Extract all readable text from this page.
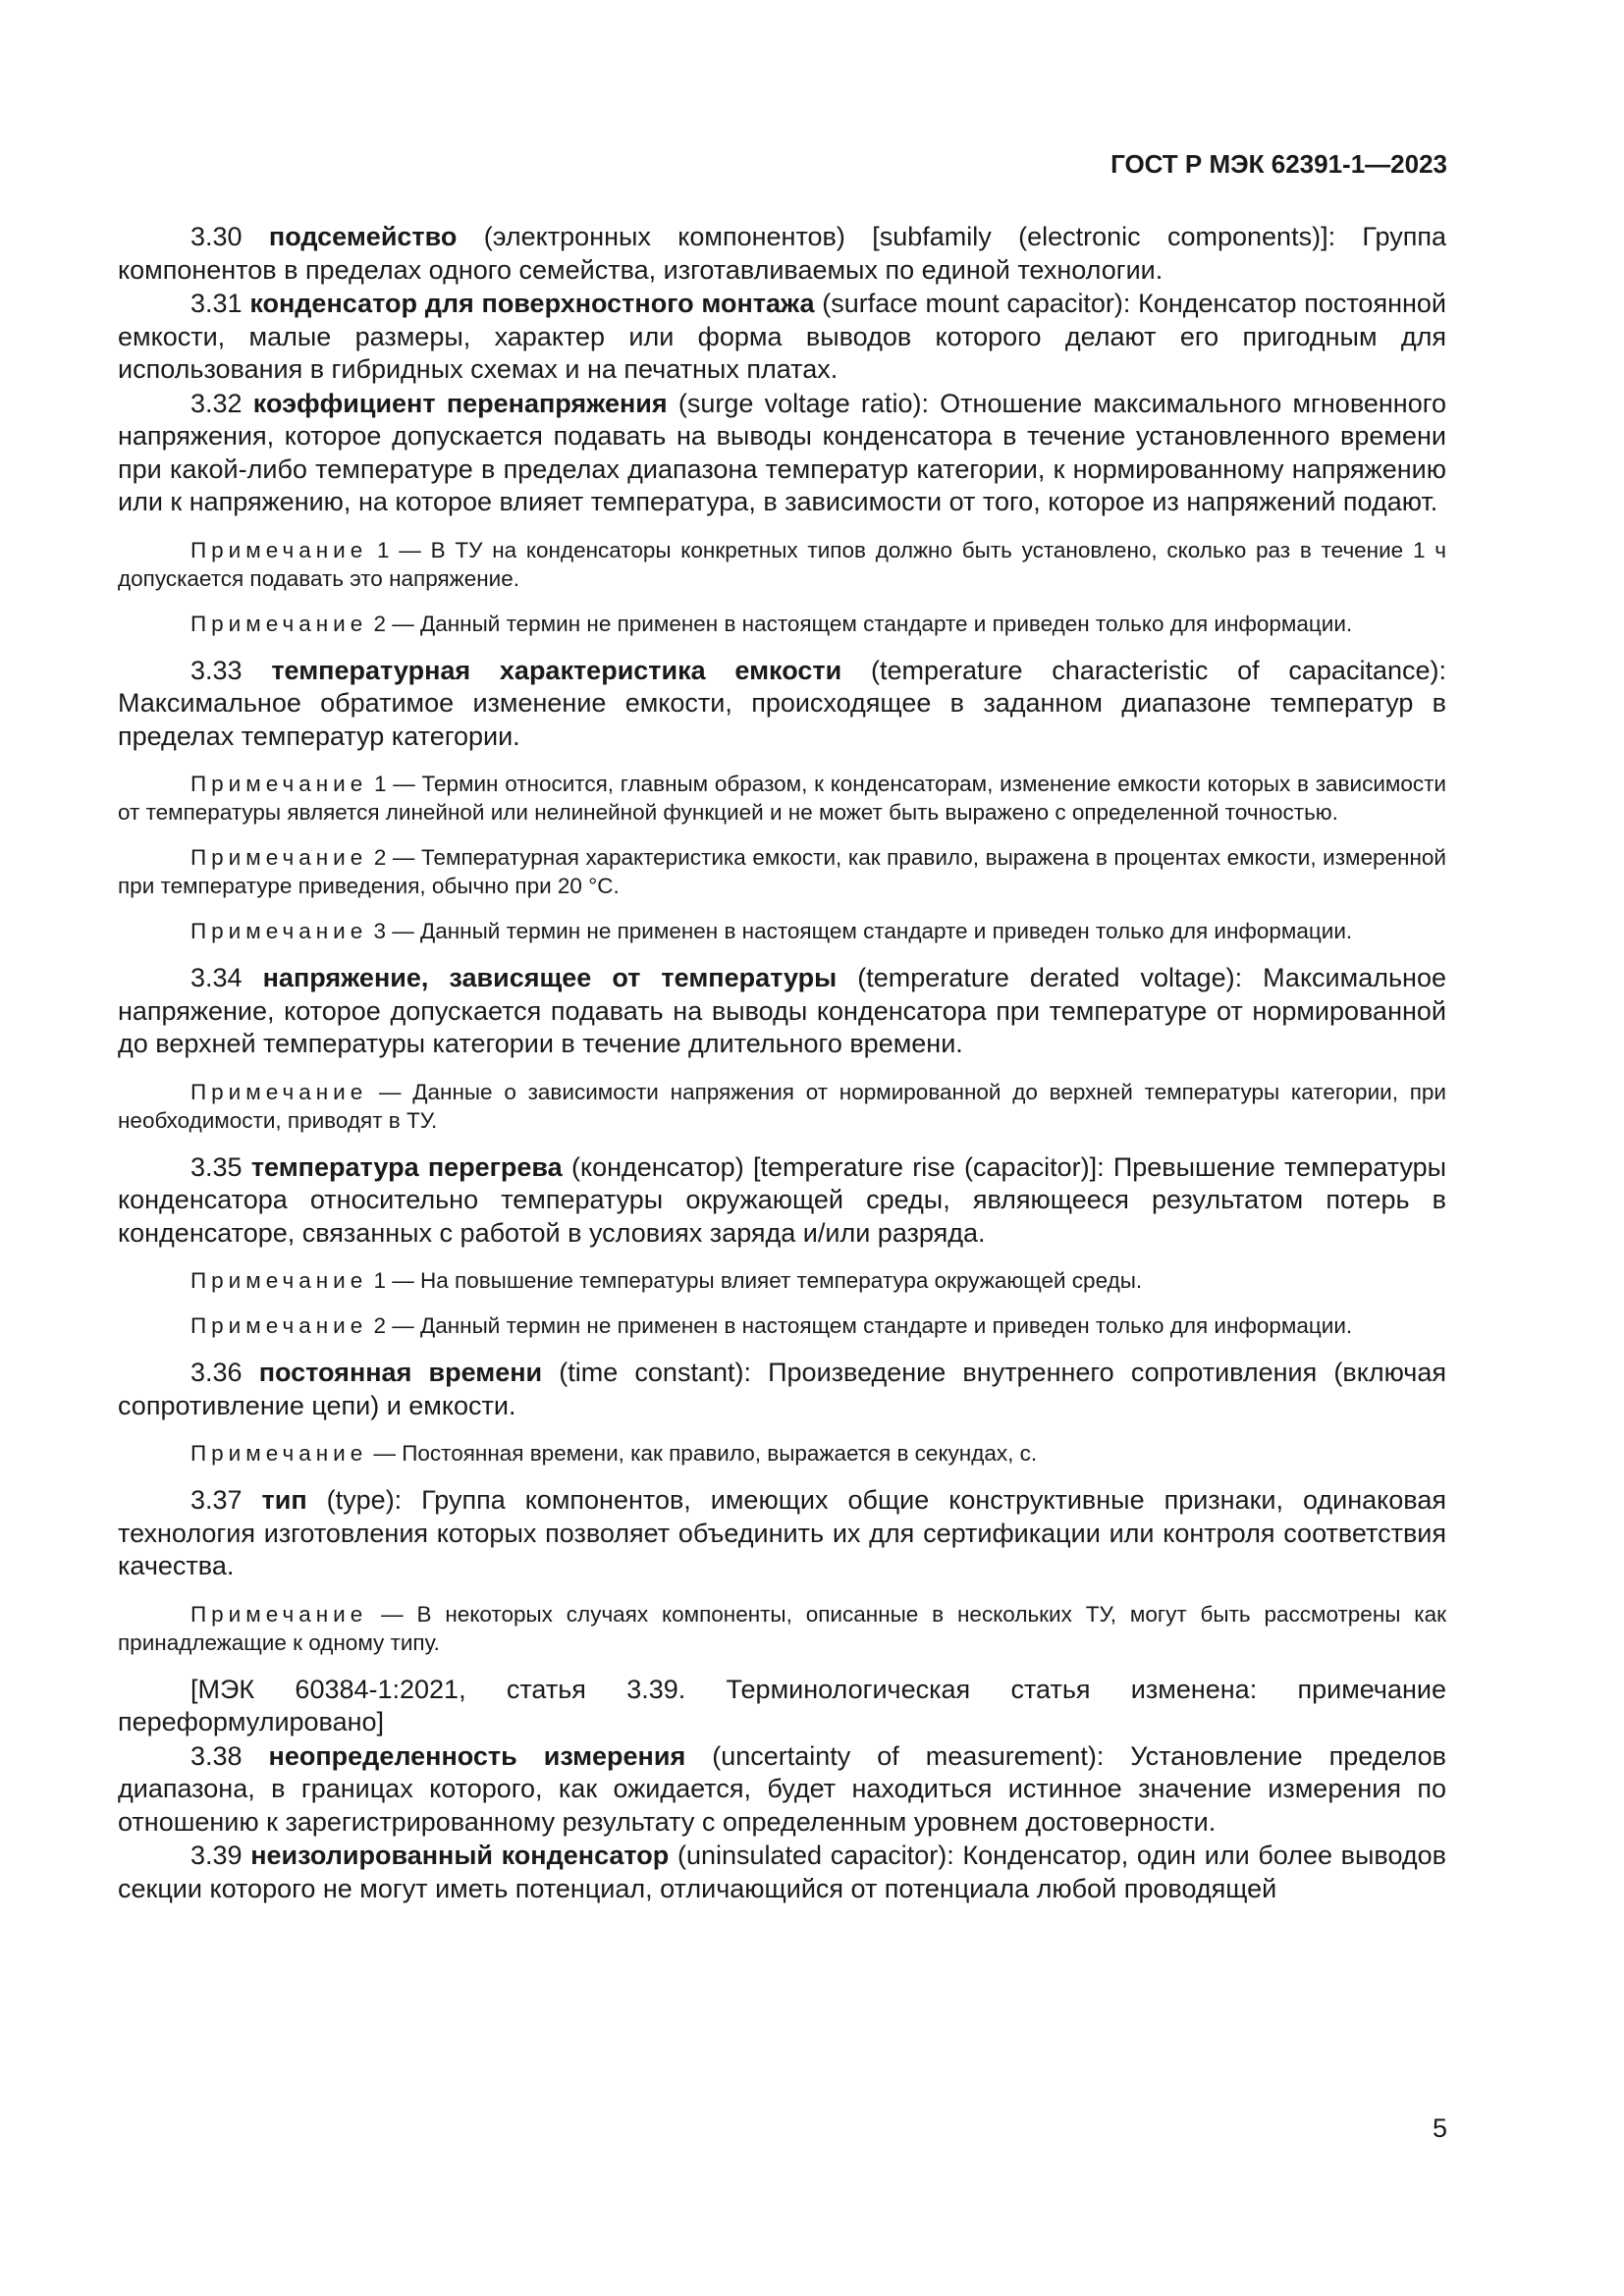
ГОСТ Р МЭК 62391-1—2023

3.30 подсемейство (электронных компонентов) [subfamily (electronic components)]: Группа компонентов в пределах одного семейства, изготавливаемых по единой технологии.

3.31 конденсатор для поверхностного монтажа (surface mount capacitor): Конденсатор постоянной емкости, малые размеры, характер или форма выводов которого делают его пригодным для использования в гибридных схемах и на печатных платах.

3.32 коэффициент перенапряжения (surge voltage ratio): Отношение максимального мгновенного напряжения, которое допускается подавать на выводы конденсатора в течение установленного времени при какой-либо температуре в пределах диапазона температур категории, к нормированному напряжению или к напряжению, на которое влияет температура, в зависимости от того, которое из напряжений подают.

Примечание 1 — В ТУ на конденсаторы конкретных типов должно быть установлено, сколько раз в течение 1 ч допускается подавать это напряжение.

Примечание 2 — Данный термин не применен в настоящем стандарте и приведен только для информации.

3.33 температурная характеристика емкости (temperature characteristic of capacitance): Максимальное обратимое изменение емкости, происходящее в заданном диапазоне температур в пределах температур категории.

Примечание 1 — Термин относится, главным образом, к конденсаторам, изменение емкости которых в зависимости от температуры является линейной или нелинейной функцией и не может быть выражено с определенной точностью.

Примечание 2 — Температурная характеристика емкости, как правило, выражена в процентах емкости, измеренной при температуре приведения, обычно при 20 °С.

Примечание 3 — Данный термин не применен в настоящем стандарте и приведен только для информации.

3.34 напряжение, зависящее от температуры (temperature derated voltage): Максимальное напряжение, которое допускается подавать на выводы конденсатора при температуре от нормированной до верхней температуры категории в течение длительного времени.

Примечание — Данные о зависимости напряжения от нормированной до верхней температуры категории, при необходимости, приводят в ТУ.

3.35 температура перегрева (конденсатор) [temperature rise (capacitor)]: Превышение температуры конденсатора относительно температуры окружающей среды, являющееся результатом потерь в конденсаторе, связанных с работой в условиях заряда и/или разряда.

Примечание 1 — На повышение температуры влияет температура окружающей среды.

Примечание 2 — Данный термин не применен в настоящем стандарте и приведен только для информации.

3.36 постоянная времени (time constant): Произведение внутреннего сопротивления (включая сопротивление цепи) и емкости.

Примечание — Постоянная времени, как правило, выражается в секундах, с.

3.37 тип (type): Группа компонентов, имеющих общие конструктивные признаки, одинаковая технология изготовления которых позволяет объединить их для сертификации или контроля соответствия качества.

Примечание — В некоторых случаях компоненты, описанные в нескольких ТУ, могут быть рассмотрены как принадлежащие к одному типу.

[МЭК 60384-1:2021, статья 3.39. Терминологическая статья изменена: примечание переформулировано]

3.38 неопределенность измерения (uncertainty of measurement): Установление пределов диапазона, в границах которого, как ожидается, будет находиться истинное значение измерения по отношению к зарегистрированному результату с определенным уровнем достоверности.

3.39 неизолированный конденсатор (uninsulated capacitor): Конденсатор, один или более выводов секции которого не могут иметь потенциал, отличающийся от потенциала любой проводящей

5
